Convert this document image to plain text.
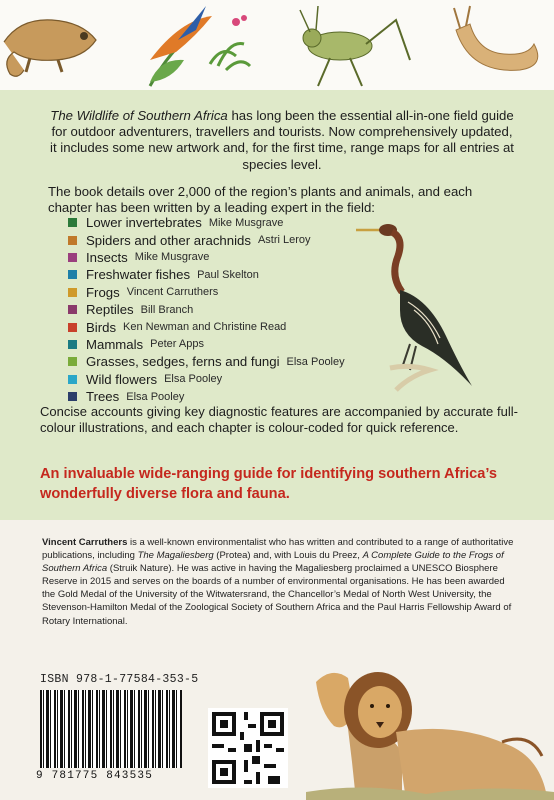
The Wildlife of Southern Africa has long been the essential all-in-one field guide for outdoor adventurers, travellers and tourists. Now comprehensively updated, it includes some new artwork and, for the first time, range maps for all entries at species level.
The book details over 2,000 of the region’s plants and animals, and each chapter has been written by a leading expert in the field:
Lower invertebrates Mike Musgrave
Spiders and other arachnids Astri Leroy
Insects Mike Musgrave
Freshwater fishes Paul Skelton
Frogs Vincent Carruthers
Reptiles Bill Branch
Birds Ken Newman and Christine Read
Mammals Peter Apps
Grasses, sedges, ferns and fungi Elsa Pooley
Wild flowers Elsa Pooley
Trees Elsa Pooley
Concise accounts giving key diagnostic features are accompanied by accurate full-colour illustrations, and each chapter is colour-coded for quick reference.
An invaluable wide-ranging guide for identifying southern Africa’s wonderfully diverse flora and fauna.
Vincent Carruthers is a well-known environmentalist who has written and contributed to a range of authoritative publications, including The Magaliesberg (Protea) and, with Louis du Preez, A Complete Guide to the Frogs of Southern Africa (Struik Nature). He was active in having the Magaliesberg proclaimed a UNESCO Biosphere Reserve in 2015 and serves on the boards of a number of environmental organisations. He has been awarded the Gold Medal of the University of the Witwatersrand, the Chancellor’s Medal of North West University, the Stevenson-Hamilton Medal of the Zoological Society of Southern Africa and the Paul Harris Fellowship Award of Rotary International.
ISBN 978-1-77584-353-5
9 781775 843535
